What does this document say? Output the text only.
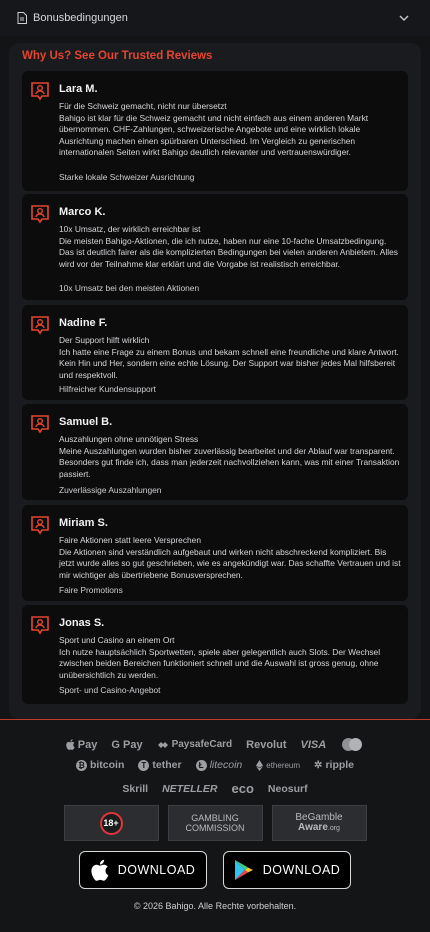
Bonusbedingungen
Why Us? See Our Trusted Reviews
Lara M.

Für die Schweiz gemacht, nicht nur übersetzt

Bahigo ist klar für die Schweiz gemacht und nicht einfach aus einem anderen Markt übernommen. CHF-Zahlungen, schweizerische Angebote und eine wirklich lokale Ausrichtung machen einen spürbaren Unterschied. Im Vergleich zu generischen internationalen Seiten wirkt Bahigo deutlich relevanter und vertrauenswürdiger.

Starke lokale Schweizer Ausrichtung
Marco K.

10x Umsatz, der wirklich erreichbar ist

Die meisten Bahigo-Aktionen, die ich nutze, haben nur eine 10-fache Umsatzbedingung. Das ist deutlich fairer als die komplizierten Bedingungen bei vielen anderen Anbietern. Alles wird vor der Teilnahme klar erklärt und die Vorgabe ist realistisch erreichbar.

10x Umsatz bei den meisten Aktionen
Nadine F.

Der Support hilft wirklich

Ich hatte eine Frage zu einem Bonus und bekam schnell eine freundliche und klare Antwort. Kein Hin und Her, sondern eine echte Lösung. Der Support war bisher jedes Mal hilfsbereit und respektvoll.

Hilfreicher Kundensupport
Samuel B.

Auszahlungen ohne unnötigen Stress

Meine Auszahlungen wurden bisher zuverlässig bearbeitet und der Ablauf war transparent. Besonders gut finde ich, dass man jederzeit nachvollziehen kann, was mit einer Transaktion passiert.

Zuverlässige Auszahlungen
Miriam S.

Faire Aktionen statt leere Versprechen

Die Aktionen sind verständlich aufgebaut und wirken nicht abschreckend kompliziert. Bis jetzt wurde alles so gut geschrieben, wie es angekündigt war. Das schaffte Vertrauen und ist mir wichtiger als übertriebene Bonusversprechen.

Faire Promotions
Jonas S.

Sport und Casino an einem Ort

Ich nutze hauptsächlich Sportwetten, spiele aber gelegentlich auch Slots. Der Wechsel zwischen beiden Bereichen funktioniert schnell und die Auswahl ist gross genug, ohne unübersichtlich zu werden.

Sport- und Casino-Angebot
Pay G Pay	PaysafeCard Revolut VISA
₿ bitcoin	T tether	Ł litecoin	ethereum ✲ ripple
Skrill NETELLER eco Neosurf
18+	GAMBLING COMMISSION
BeGamble
Aware.org
DOWNLOAD	DOWNLOAD
© 2026 Bahigo. Alle Rechte vorbehalten.
